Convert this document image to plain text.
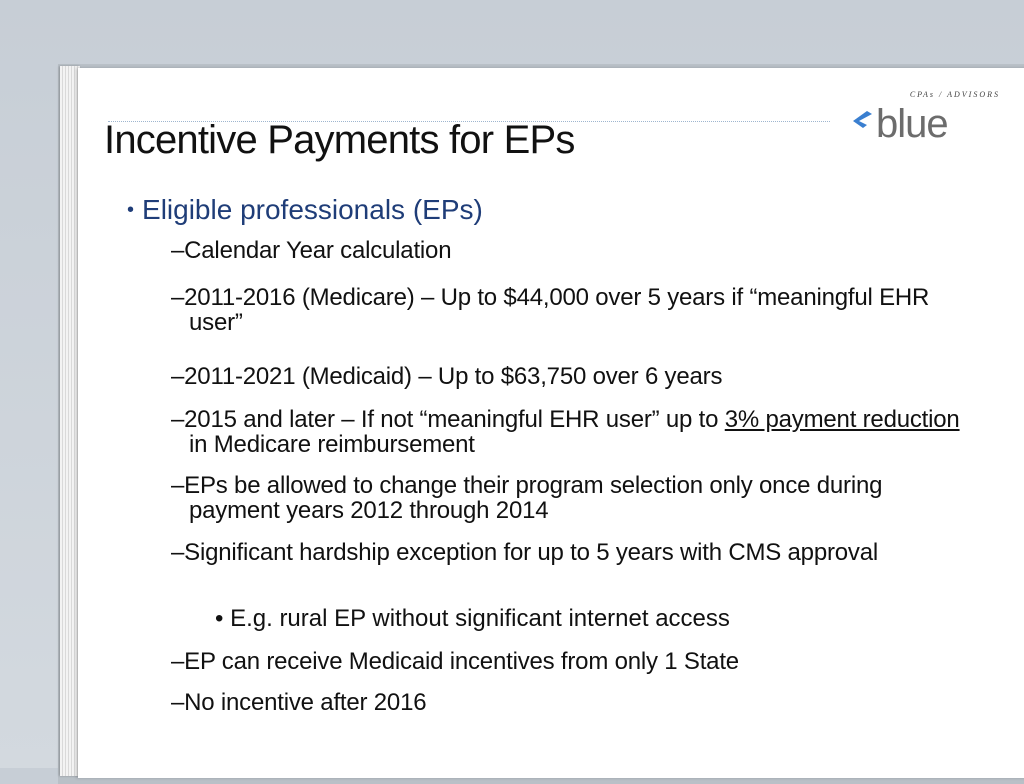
Incentive Payments for EPs
CPAs / ADVISORS
blue

• Eligible professionals (EPs)

–Calendar Year calculation

–2011-2016 (Medicare) – Up to $44,000 over 5 years if “meaningful EHR user”

–2011-2021 (Medicaid) – Up to $63,750 over 6 years

–2015 and later – If not “meaningful EHR user” up to 3% payment reduction in Medicare reimbursement

–EPs be allowed to change their program selection only once during payment years 2012 through 2014

–Significant hardship exception for up to 5 years with CMS approval

• E.g. rural EP without significant internet access

–EP can receive Medicaid incentives from only 1 State

–No incentive after 2016
